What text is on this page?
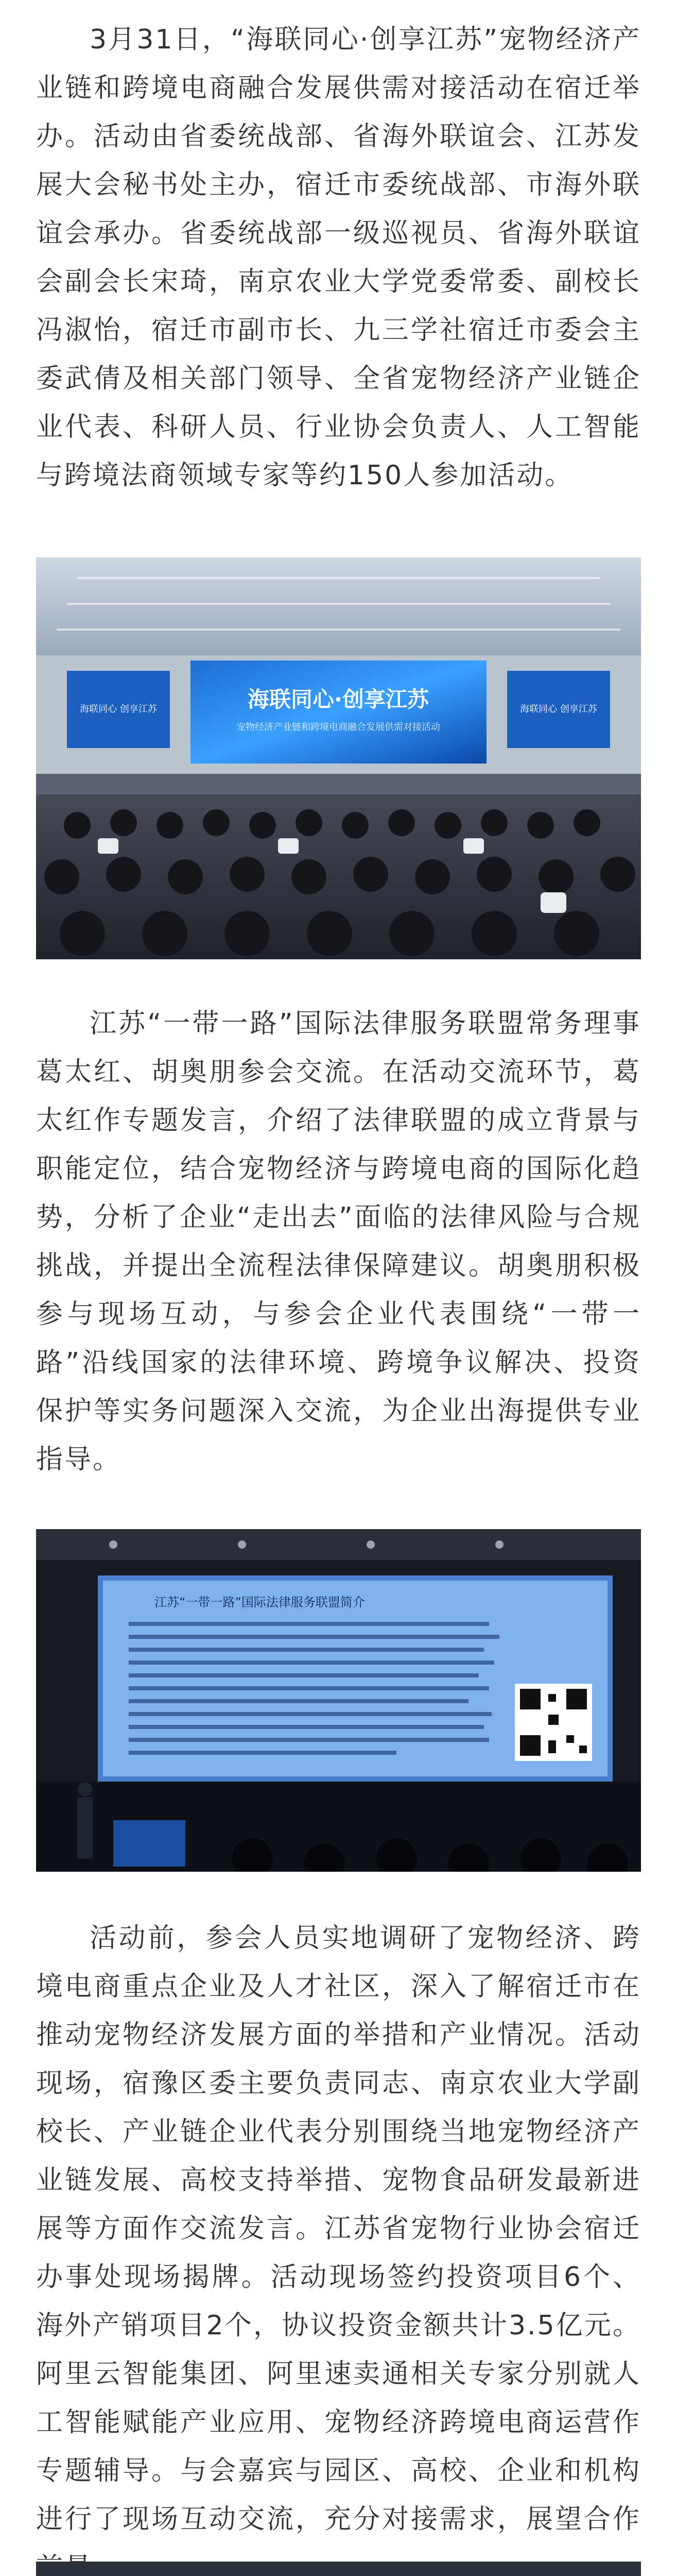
3月31日，“海联同心·创享江苏”宠物经济产业链和跨境电商融合发展供需对接活动在宿迁举办。活动由省委统战部、省海外联谊会、江苏发展大会秘书处主办，宿迁市委统战部、市海外联谊会承办。省委统战部一级巡视员、省海外联谊会副会长宋琦，南京农业大学党委常委、副校长冯淑怡，宿迁市副市长、九三学社宿迁市委会主委武倩及相关部门领导、全省宠物经济产业链企业代表、科研人员、行业协会负责人、人工智能与跨境法商领域专家等约150人参加活动。

海联同心·创享江苏
宠物经济产业链和跨境电商融合发展供需对接活动
海联同心 创享江苏	海联同心 创享江苏

江苏“一带一路”国际法律服务联盟常务理事葛太红、胡奥朋参会交流。在活动交流环节，葛太红作专题发言，介绍了法律联盟的成立背景与职能定位，结合宠物经济与跨境电商的国际化趋势，分析了企业“走出去”面临的法律风险与合规挑战，并提出全流程法律保障建议。胡奥朋积极参与现场互动，与参会企业代表围绕“一带一路”沿线国家的法律环境、跨境争议解决、投资保护等实务问题深入交流，为企业出海提供专业指导。

江苏“一带一路”国际法律服务联盟简介

活动前，参会人员实地调研了宠物经济、跨境电商重点企业及人才社区，深入了解宿迁市在推动宠物经济发展方面的举措和产业情况。活动现场，宿豫区委主要负责同志、南京农业大学副校长、产业链企业代表分别围绕当地宠物经济产业链发展、高校支持举措、宠物食品研发最新进展等方面作交流发言。江苏省宠物行业协会宿迁办事处现场揭牌。活动现场签约投资项目6个、海外产销项目2个，协议投资金额共计3.5亿元。阿里云智能集团、阿里速卖通相关专家分别就人工智能赋能产业应用、宠物经济跨境电商运营作专题辅导。与会嘉宾与园区、高校、企业和机构进行了现场互动交流，充分对接需求，展望合作
